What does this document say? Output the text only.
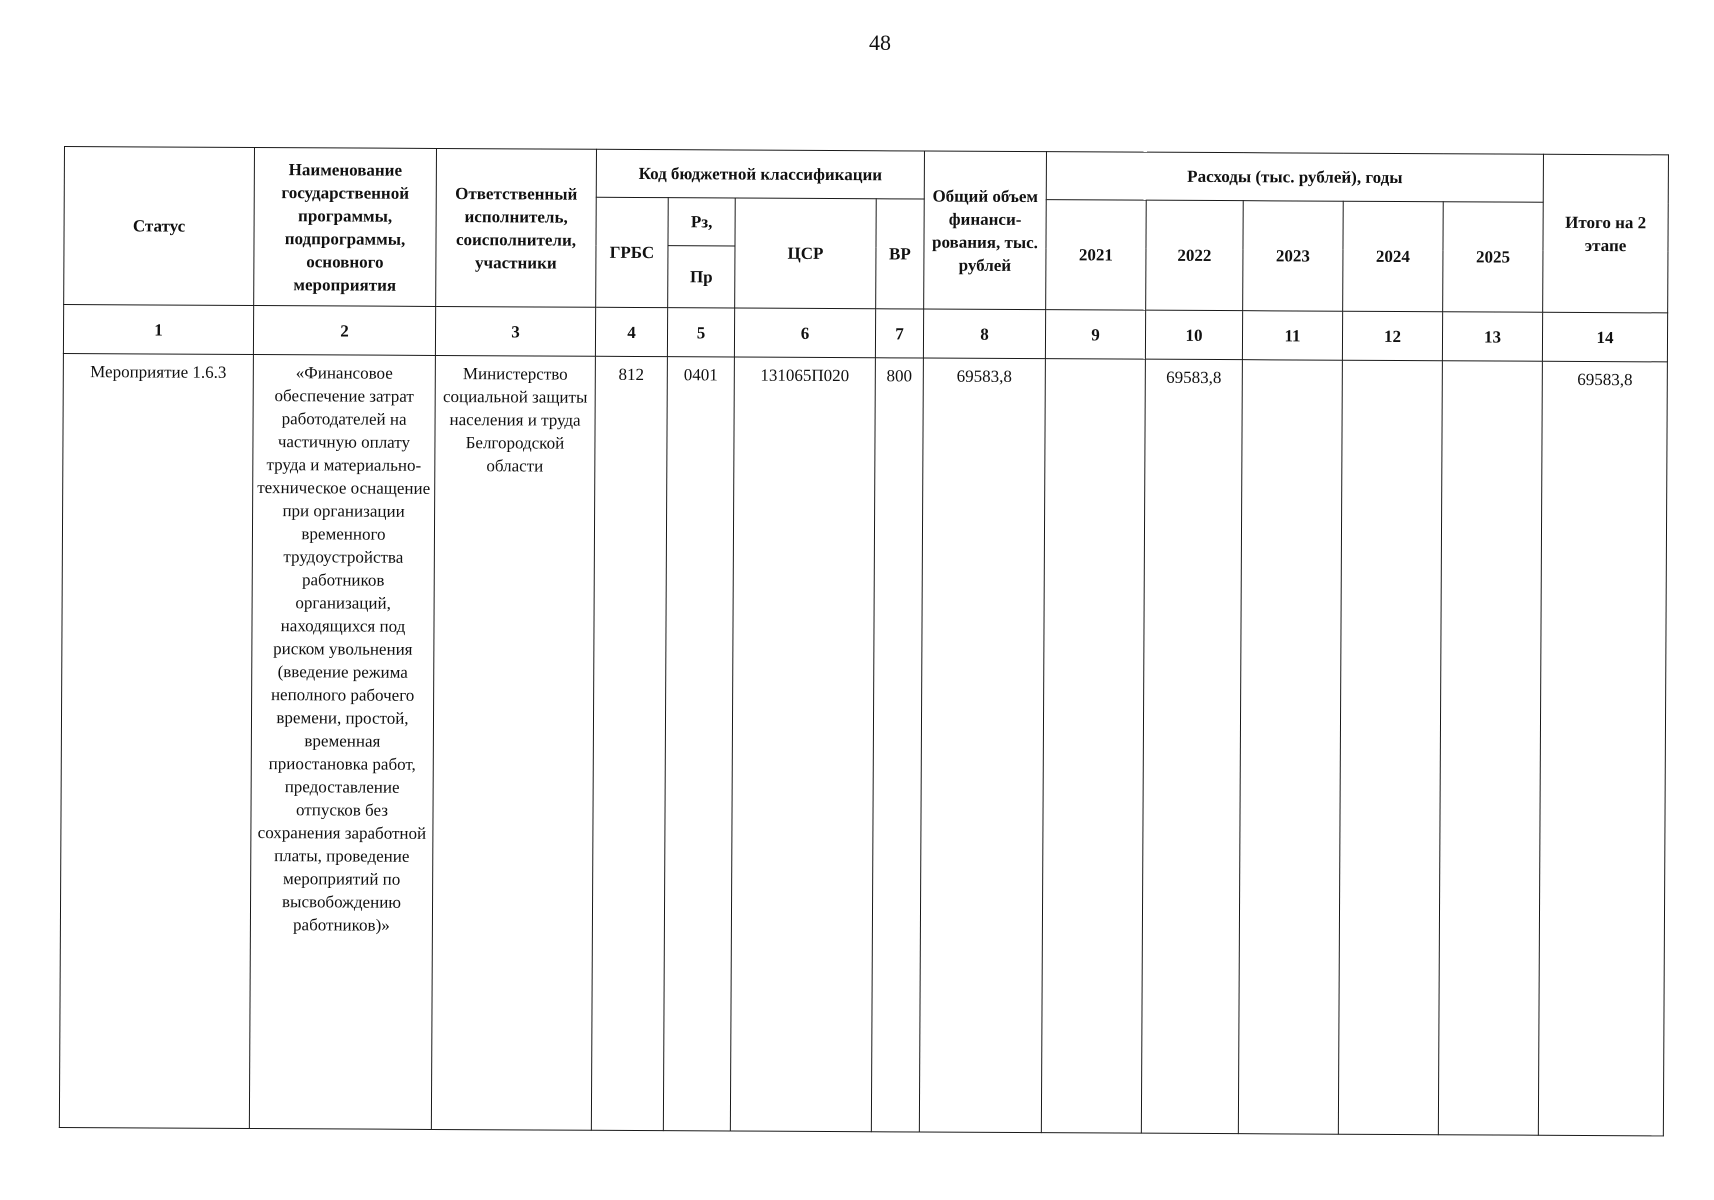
48
Статус	Наименование государственной программы, подпрограммы, основного мероприятия	Ответственный исполнитель, соисполнители, участники	Код бюджетной классификации				Общий объем финанси-рования, тыс. рублей	Расходы (тыс. рублей), годы					Итого на 2 этапе
			ГРБС	Рз,	ЦСР	ВР		2021	2022	2023	2024	2025	
				Пр									
1	2	3	4	5	6	7	8	9	10	11	12	13	14
Мероприятие 1.6.3	«Финансовое обеспечение затрат работодателей на частичную оплату труда и материально-техническое оснащение при организации временного трудоустройства работников организаций, находящихся под риском увольнения (введение режима неполного рабочего времени, простой, временная приостановка работ, предоставление отпусков без сохранения заработной платы, проведение мероприятий по высвобождению работников)»	Министерство социальной защиты населения и труда Белгородской области	812	0401	131065П020	800	69583,8		69583,8				69583,8
